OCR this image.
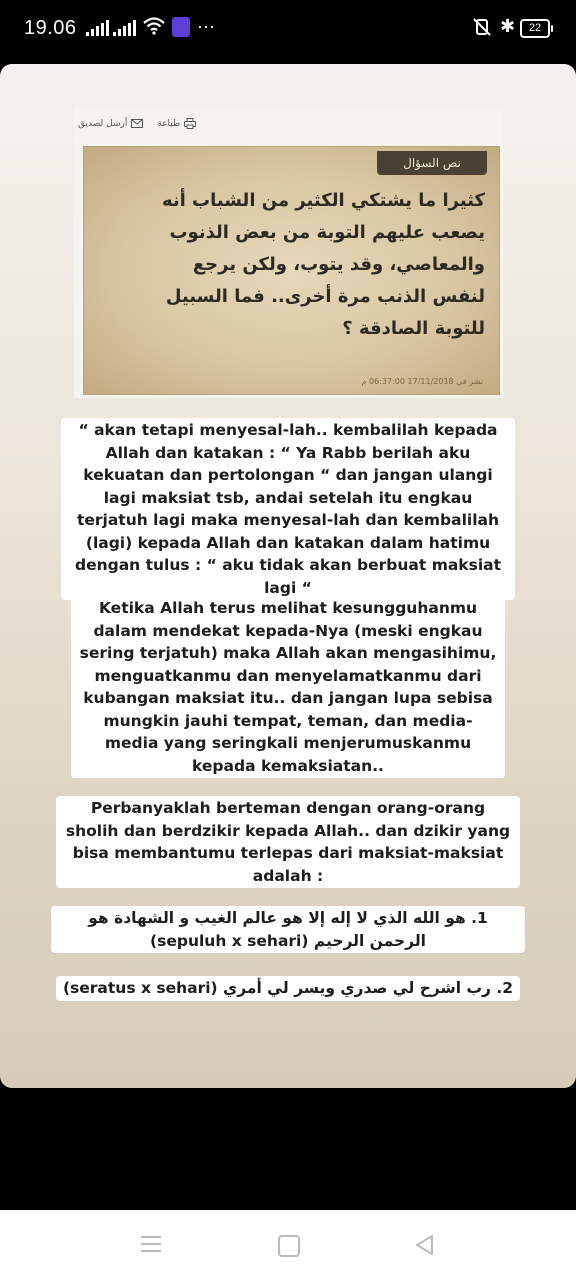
19.06	···	✱	22
أرسل لصديق	طباعة
نص السؤال
كثيرا ما يشتكي الكثير من الشباب أنه يصعب عليهم التوبة من بعض الذنوب والمعاصي، وقد يتوب، ولكن يرجع لنفس الذنب مرة أخرى.. فما السبيل للتوبة الصادقة ؟
نشر في 17/11/2018 06:37:00 م
“ akan tetapi menyesal-lah.. kembalilah kepada Allah dan katakan : “ Ya Rabb berilah aku kekuatan dan pertolongan “ dan jangan ulangi lagi maksiat tsb, andai setelah itu engkau terjatuh lagi maka menyesal-lah dan kembalilah (lagi) kepada Allah dan katakan dalam hatimu dengan tulus : “ aku tidak akan berbuat maksiat lagi “
Ketika Allah terus melihat kesungguhanmu dalam mendekat kepada-Nya (meski engkau sering terjatuh) maka Allah akan mengasihimu, menguatkanmu dan menyelamatkanmu dari kubangan maksiat itu.. dan jangan lupa sebisa mungkin jauhi tempat, teman, dan media-media yang seringkali menjerumuskanmu kepada kemaksiatan..
Perbanyaklah berteman dengan orang-orang sholih dan berdzikir kepada Allah.. dan dzikir yang bisa membantumu terlepas dari maksiat-maksiat adalah :
1. هو الله الذي لا إله إلا هو عالم الغيب و الشهادة هو الرحمن الرحيم (sepuluh x sehari)
2. رب اشرح لي صدري ويسر لي أمري (seratus x sehari)
